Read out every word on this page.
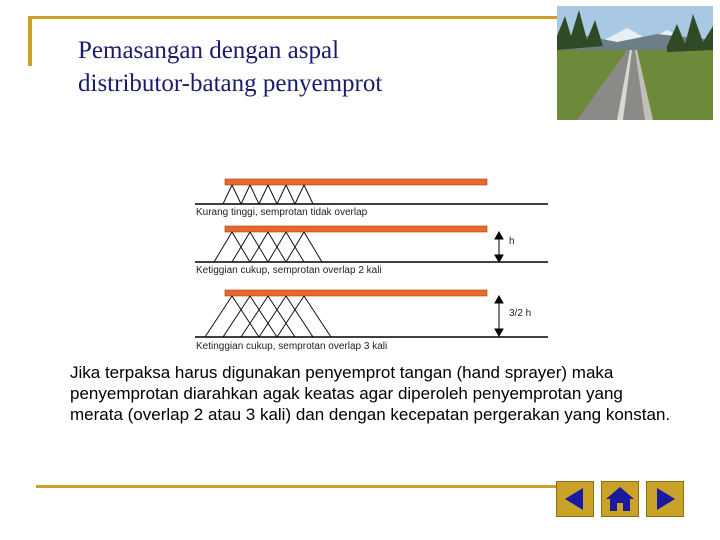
Pemasangan dengan aspal
distributor-batang penyemprot
Kurang tinggi, semprotan tidak overlap
h
Ketiggian cukup, semprotan overlap 2 kali
3/2 h
Ketinggian cukup, semprotan overlap 3 kali

Jika terpaksa harus digunakan penyemprot tangan (hand sprayer) maka penyemprotan diarahkan agak keatas agar diperoleh penyemprotan yang merata (overlap 2 atau 3 kali) dan dengan kecepatan pergerakan yang konstan.
